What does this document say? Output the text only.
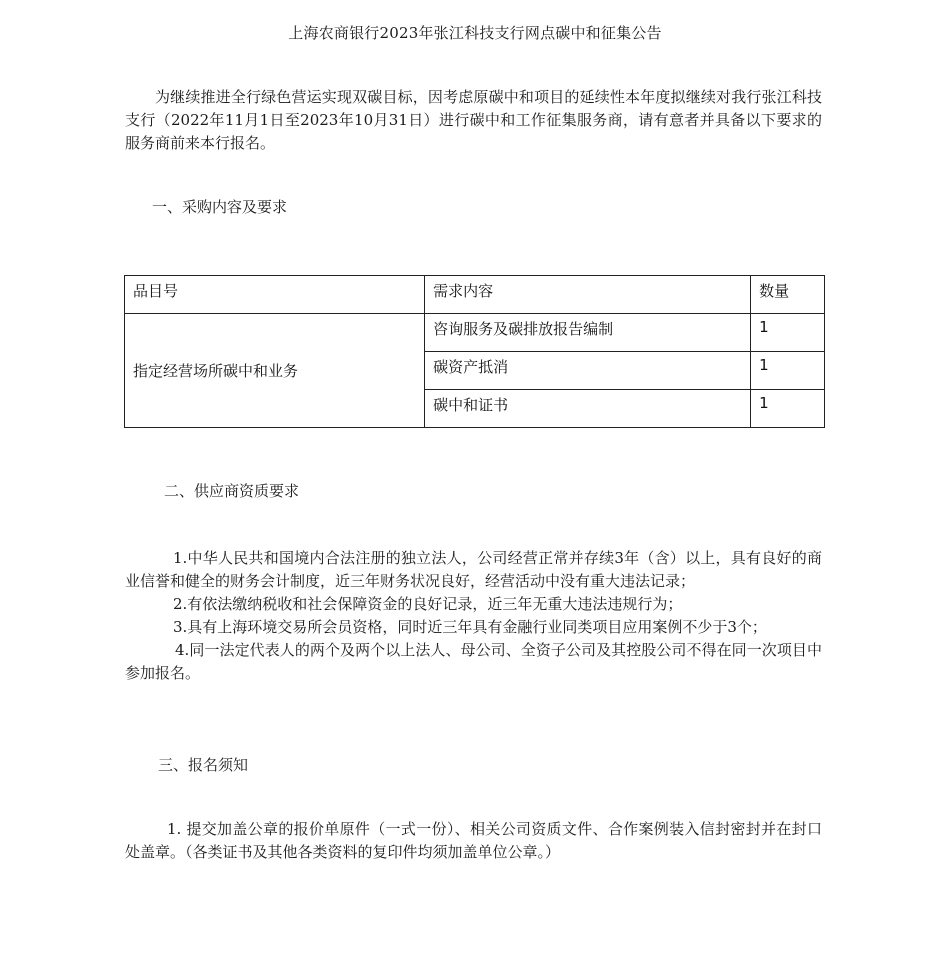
上海农商银行2023年张江科技支行网点碳中和征集公告

为继续推进全行绿色营运实现双碳目标，因考虑原碳中和项目的延续性本年度拟继续对我行张江科技支行（2022年11月1日至2023年10月31日）进行碳中和工作征集服务商，请有意者并具备以下要求的服务商前来本行报名。

一、采购内容及要求

品目号	需求内容	数量
指定经营场所碳中和业务	咨询服务及碳排放报告编制	1
	碳资产抵消	1
	碳中和证书	1

二、供应商资质要求

1.中华人民共和国境内合法注册的独立法人，公司经营正常并存续3年（含）以上，具有良好的商业信誉和健全的财务会计制度，近三年财务状况良好，经营活动中没有重大违法记录；

2.有依法缴纳税收和社会保障资金的良好记录，近三年无重大违法违规行为；

3.具有上海环境交易所会员资格，同时近三年具有金融行业同类项目应用案例不少于3个；

4.同一法定代表人的两个及两个以上法人、母公司、全资子公司及其控股公司不得在同一次项目中参加报名。

三、报名须知

1. 提交加盖公章的报价单原件（一式一份）、相关公司资质文件、合作案例装入信封密封并在封口处盖章。（各类证书及其他各类资料的复印件均须加盖单位公章。）
